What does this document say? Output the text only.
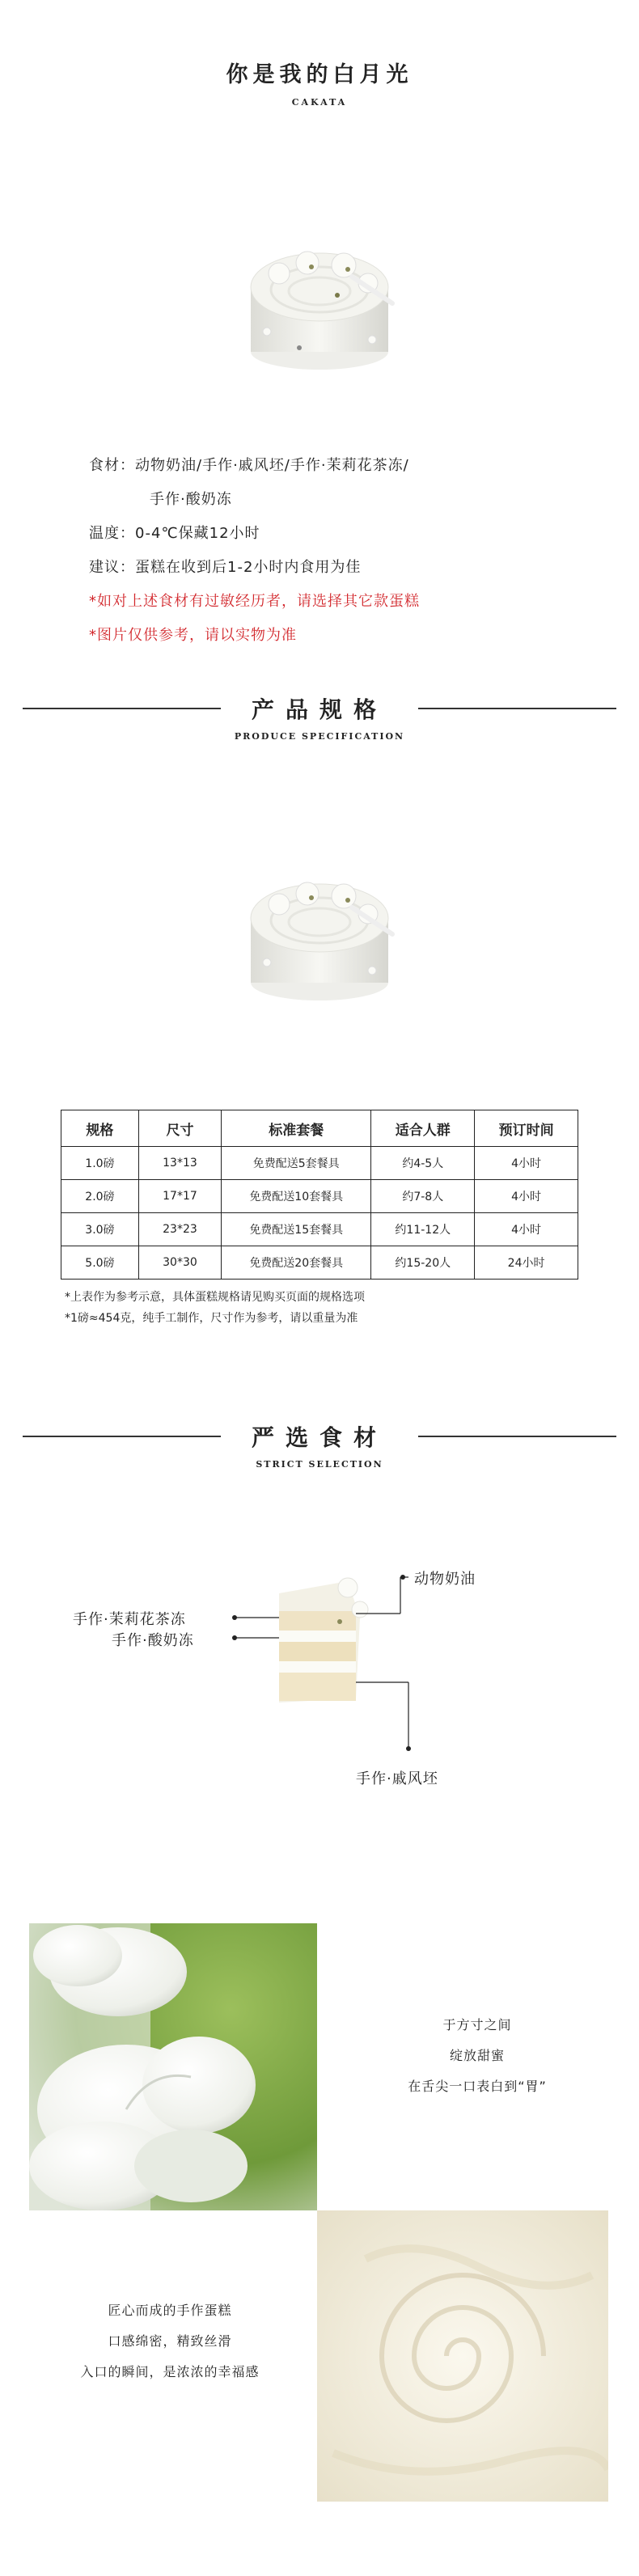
你是我的白月光
CAKATA
食材：动物奶油/手作·戚风坯/手作·茉莉花茶冻/
手作·酸奶冻
温度：0-4℃保藏12小时
建议：蛋糕在收到后1-2小时内食用为佳
*如对上述食材有过敏经历者，请选择其它款蛋糕
*图片仅供参考，请以实物为准
产品规格
PRODUCE SPECIFICATION
规格	尺寸	标准套餐	适合人群	预订时间
1.0磅	13*13	免费配送5套餐具	约4-5人	4小时
2.0磅	17*17	免费配送10套餐具	约7-8人	4小时
3.0磅	23*23	免费配送15套餐具	约11-12人	4小时
5.0磅	30*30	免费配送20套餐具	约15-20人	24小时
*上表作为参考示意，具体蛋糕规格请见购买页面的规格选项
*1磅≈454克，纯手工制作，尺寸作为参考，请以重量为准
严选食材
STRICT SELECTION
动物奶油
手作·茉莉花茶冻
手作·酸奶冻
手作·戚风坯
于方寸之间
绽放甜蜜
在舌尖一口表白到“胃”
匠心而成的手作蛋糕
口感绵密，精致丝滑
入口的瞬间，是浓浓的幸福感
